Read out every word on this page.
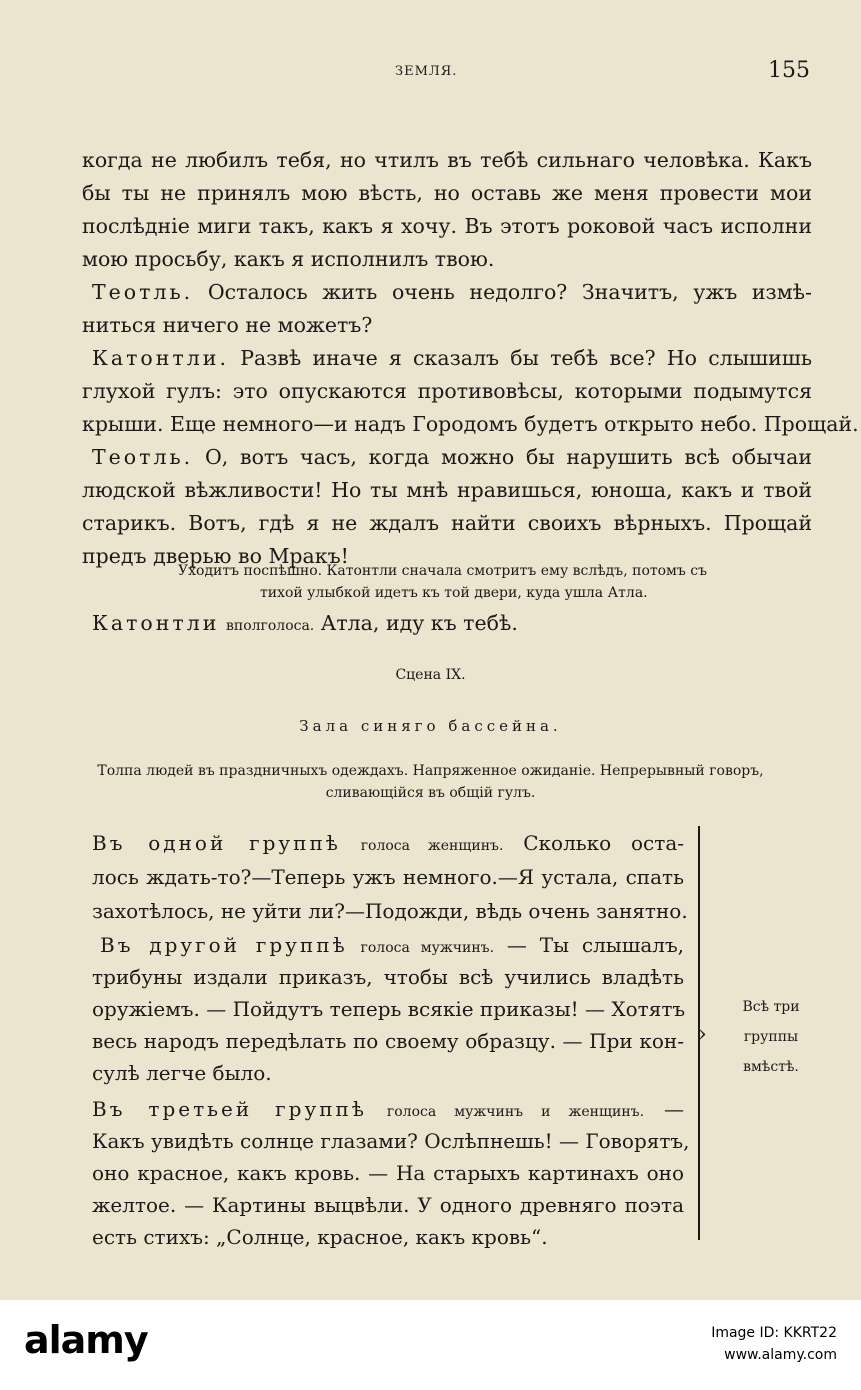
ЗЕМЛЯ.	155
когда не любилъ тебя, но чтилъ въ тебѣ сильнаго человѣка. Какъ
бы ты не принялъ мою вѣсть, но оставь же меня провести мои
послѣдніе миги такъ, какъ я хочу. Въ этотъ роковой часъ исполни
мою просьбу, какъ я исполнилъ твою.
Теотль. Осталось жить очень недолго? Значитъ, ужъ измѣ-
ниться ничего не можетъ?
Катонтли. Развѣ иначе я сказалъ бы тебѣ все? Но слышишь
глухой гулъ: это опускаются противовѣсы, которыми подымутся
крыши. Еще немного—и надъ Городомъ будетъ открыто небо. Прощай.
Теотль. О, вотъ часъ, когда можно бы нарушить всѣ обычаи
людской вѣжливости! Но ты мнѣ нравишься, юноша, какъ и твой
старикъ. Вотъ, гдѣ я не ждалъ найти своихъ вѣрныхъ. Прощай
предъ дверью во Мракъ!
Уходитъ поспѣшно. Катонтли сначала смотритъ ему вслѣдъ, потомъ съ
тихой улыбкой идетъ къ той двери, куда ушла Атла.
Катонтли вполголоса. Атла, иду къ тебѣ.
Сцена IX.
Зала синяго бассейна.
Толпа людей въ праздничныхъ одеждахъ. Напряженное ожиданіе. Непрерывный говоръ,
сливающійся въ общій гулъ.
Въ одной группѣ голоса женщинъ. Сколько оста-
лось ждать-то?—Теперь ужъ немного.—Я устала, спать
захотѣлось, не уйти ли?—Подожди, вѣдь очень занятно.
Въ другой группѣ голоса мужчинъ. — Ты слышалъ,
трибуны издали приказъ, чтобы всѣ учились владѣть
оружіемъ. — Пойдутъ теперь всякіе приказы! — Хотятъ
весь народъ передѣлать по своему образцу. — При кон-
сулѣ легче было.
Въ третьей группѣ голоса мужчинъ и женщинъ. —
Какъ увидѣть солнце глазами? Ослѣпнешь! — Говорятъ,
оно красное, какъ кровь. — На старыхъ картинахъ оно
желтое. — Картины выцвѣли. У одного древняго поэта
есть стихъ: „Солнце, красное, какъ кровь“.
›
Всѣ три
группы
вмѣстѣ.
alamy	Image ID: KKRT22
www.alamy.com
